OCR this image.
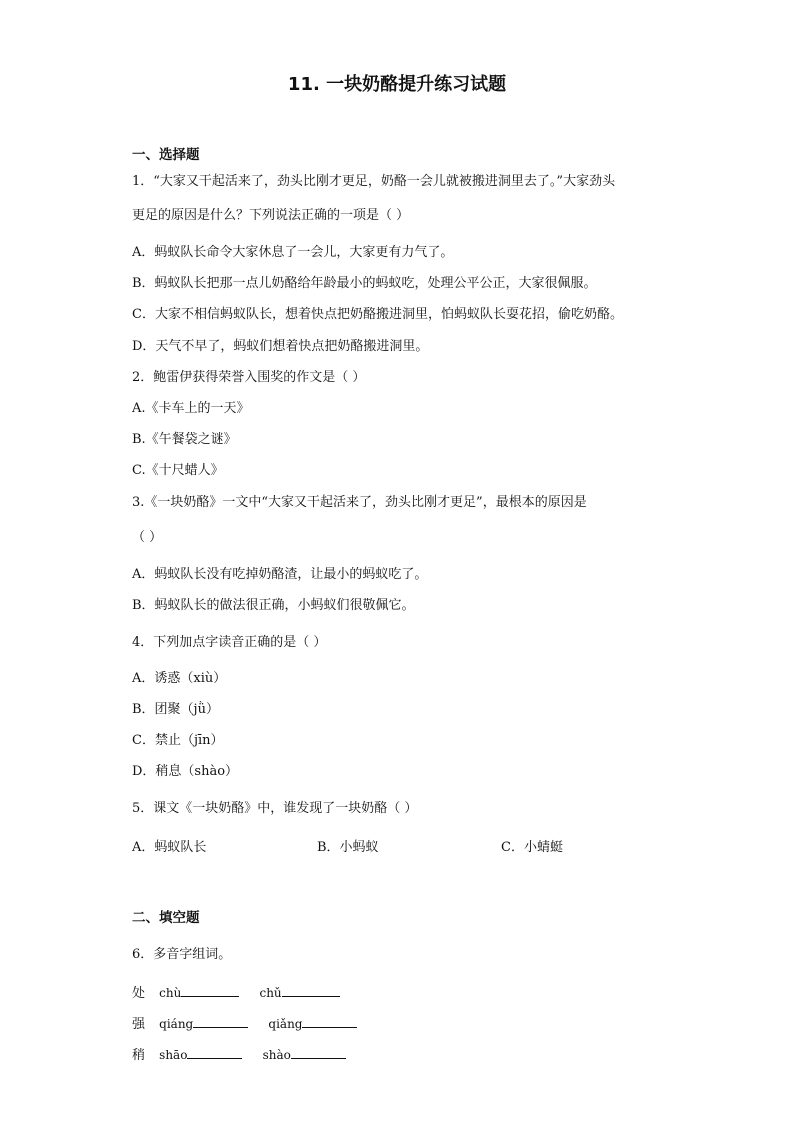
11. 一块奶酪提升练习试题
一、选择题
1．“大家又干起活来了，劲头比刚才更足，奶酪一会儿就被搬进洞里去了。”大家劲头
更足的原因是什么？下列说法正确的一项是（ ）
A．蚂蚁队长命令大家休息了一会儿，大家更有力气了。
B．蚂蚁队长把那一点儿奶酪给年龄最小的蚂蚁吃，处理公平公正，大家很佩服。
C．大家不相信蚂蚁队长，想着快点把奶酪搬进洞里，怕蚂蚁队长耍花招，偷吃奶酪。
D．天气不早了，蚂蚁们想着快点把奶酪搬进洞里。
2．鲍雷伊获得荣誉入围奖的作文是（ ）
A.《卡车上的一天》
B.《午餐袋之谜》
C.《十尺蜡人》
3.《一块奶酪》一文中“大家又干起活来了，劲头比刚才更足”，最根本的原因是
（ ）
A．蚂蚁队长没有吃掉奶酪渣，让最小的蚂蚁吃了。
B．蚂蚁队长的做法很正确，小蚂蚁们很敬佩它。
4．下列加点字读音正确的是（ ）
A．诱惑（xiù）
B．团聚（jǜ）
C．禁止（jīn）
D．稍息（shào）
5．课文《一块奶酪》中，谁发现了一块奶酪（ ）
A．蚂蚁队长	B．小蚂蚁	C．小蜻蜓
二、填空题
6．多音字组词。
处 chù	chǔ
强 qiáng	qiǎng
稍 shāo	shào
